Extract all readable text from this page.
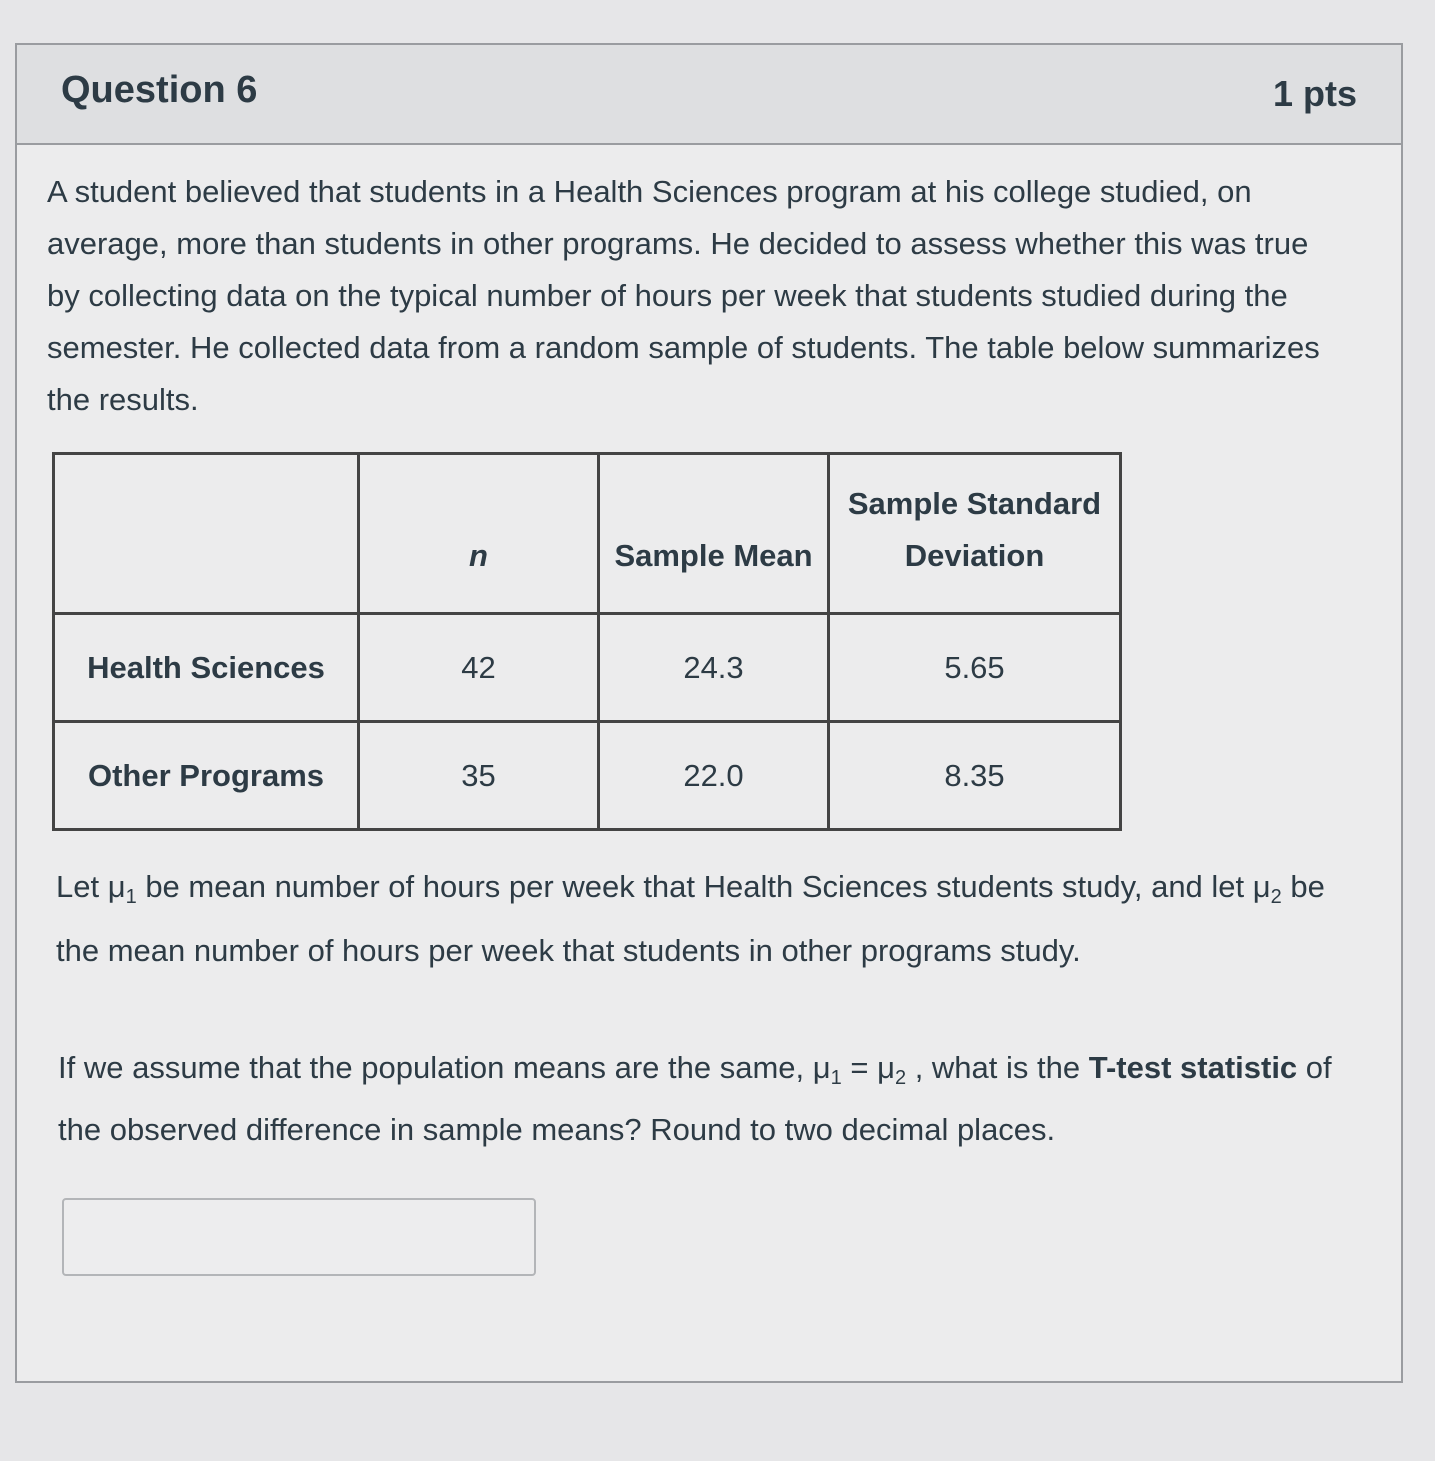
Question 6	1 pts
A student believed that students in a Health Sciences program at his college studied, on average, more than students in other programs. He decided to assess whether this was true by collecting data on the typical number of hours per week that students studied during the semester. He collected data from a random sample of students. The table below summarizes the results.
	n	Sample Mean	Sample Standard Deviation
Health Sciences	42	24.3	5.65
Other Programs	35	22.0	8.35
Let $\mu_1$ be mean number of hours per week that Health Sciences students study, and let $\mu_2$ be the mean number of hours per week that students in other programs study.
If we assume that the population means are the same, $\mu_1 = \mu_2$ , what is the T-test statistic of the observed difference in sample means? Round to two decimal places.
